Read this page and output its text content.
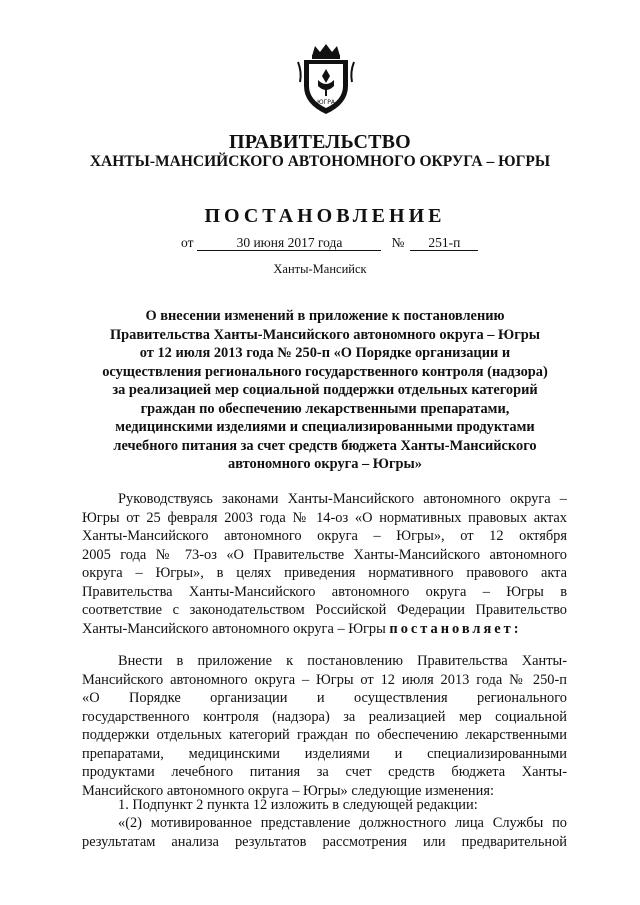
ЮГРА
ПРАВИТЕЛЬСТВО
ХАНТЫ-МАНСИЙСКОГО АВТОНОМНОГО ОКРУГА – ЮГРЫ
ПОСТАНОВЛЕНИЕ
от	30 июня 2017 года	№ 251-п
Ханты-Мансийск
О внесении изменений в приложение к постановлению
Правительства Ханты-Мансийского автономного округа – Югры
от 12 июля 2013 года № 250-п «О Порядке организации и
осуществления регионального государственного контроля (надзора)
за реализацией мер социальной поддержки отдельных категорий
граждан по обеспечению лекарственными препаратами,
медицинскими изделиями и специализированными продуктами
лечебного питания за счет средств бюджета Ханты-Мансийского
автономного округа – Югры»
Руководствуясь законами Ханты-Мансийского автономного округа –
Югры от 25 февраля 2003 года № 14-оз «О нормативных правовых актах
Ханты-Мансийского автономного округа – Югры», от 12 октября
2005 года № 73-оз «О Правительстве Ханты-Мансийского автономного
округа – Югры», в целях приведения нормативного правового акта
Правительства Ханты-Мансийского автономного округа – Югры в
соответствие с законодательством Российской Федерации Правительство
Ханты-Мансийского автономного округа – Югры постановляет:
Внести в приложение к постановлению Правительства Ханты-
Мансийского автономного округа – Югры от 12 июля 2013 года № 250-п
«О Порядке организации и осуществления регионального
государственного контроля (надзора) за реализацией мер социальной
поддержки отдельных категорий граждан по обеспечению лекарственными
препаратами, медицинскими изделиями и специализированными
продуктами лечебного питания за счет средств бюджета Ханты-
Мансийского автономного округа – Югры» следующие изменения:
1. Подпункт 2 пункта 12 изложить в следующей редакции:
«(2) мотивированное представление должностного лица Службы по
результатам анализа результатов рассмотрения или предварительной
